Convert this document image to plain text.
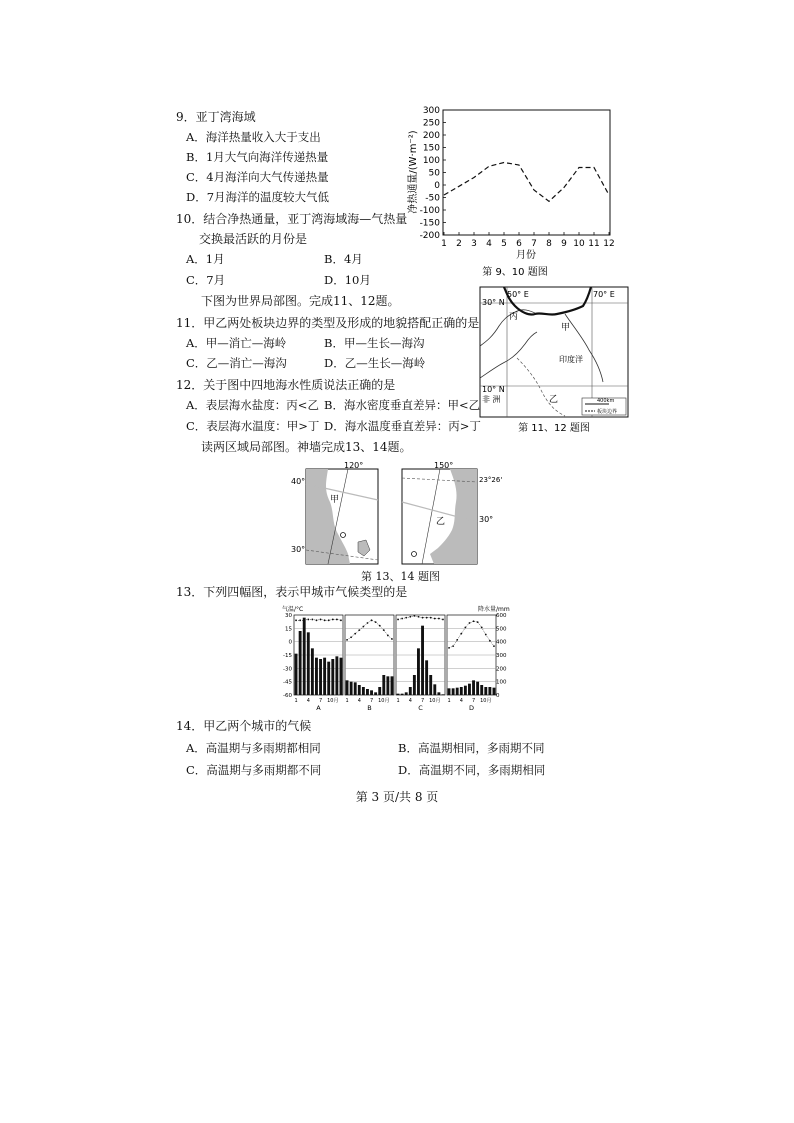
9．亚丁湾海域
A．海洋热量收入大于支出
B．1月大气向海洋传递热量
C．4月海洋向大气传递热量
D．7月海洋的温度较大气低
10．结合净热通量，亚丁湾海域海—气热量
交换最活跃的月份是
A．1月	B．4月
C．7月	D．10月
下图为世界局部图。完成11、12题。
11．甲乙两处板块边界的类型及形成的地貌搭配正确的是
A．甲—消亡—海岭	B．甲—生长—海沟
C．乙—消亡—海沟	D．乙—生长—海岭
12．关于图中四地海水性质说法正确的是
A．表层海水盐度：丙<乙 B．海水密度垂直差异：甲<乙
C．表层海水温度：甲>丁 D．海水温度垂直差异：丙>丁
读两区域局部图。神墙完成13、14题。
300
250
200
150
100
50
0
-50
-100
-150
-200
1 2 3 4 5 6 7 8 9 10 11 12
净热通量/(W·m⁻²)
月份
第 9、10 题图
50° E	70° E
30° N
10° N
非 洲
丙
甲
印度洋
乙	400km
板块边界
第 11、12 题图
120°
40°
30°
甲
150°
23°26'
30°
乙
第 13、14 题图
13．下列四幅图，表示甲城市气候类型的是
气温/°C	降水量/mm
30
15
0
-15
-30
-45
-60
600
500
400
300
200
100
0
1 4 7 10月
A
1 4 7 10月
B
1 4 7 10月
C
1 4 7 10月
D
14．甲乙两个城市的气候
A．高温期与多雨期都相同	B．高温期相同，多雨期不同
C．高温期与多雨期都不同	D．高温期不同，多雨期相同
第 3 页/共 8 页
